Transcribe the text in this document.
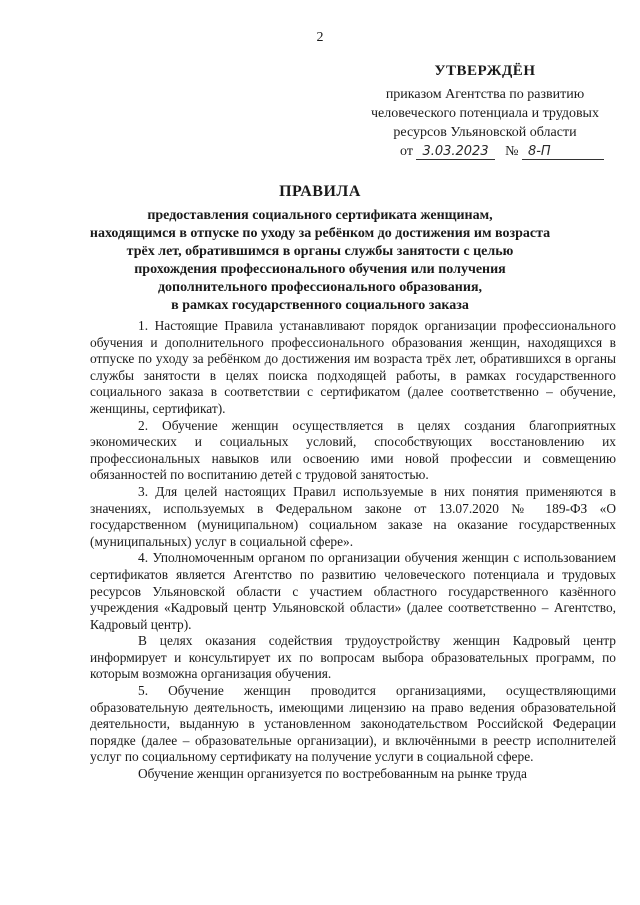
2
УТВЕРЖДЁН
приказом Агентства по развитию
человеческого потенциала и трудовых
ресурсов Ульяновской области
от 3.03.2023 № 8-П
ПРАВИЛА
предоставления социального сертификата женщинам,
находящимся в отпуске по уходу за ребёнком до достижения им возраста
трёх лет, обратившимся в органы службы занятости с целью
прохождения профессионального обучения или получения
дополнительного профессионального образования,
в рамках государственного социального заказа

1. Настоящие Правила устанавливают порядок организации профессионального обучения и дополнительного профессионального образования женщин, находящихся в отпуске по уходу за ребёнком до достижения им возраста трёх лет, обратившихся в органы службы занятости в целях поиска подходящей работы, в рамках государственного социального заказа в соответствии с сертификатом (далее соответственно – обучение, женщины, сертификат).

2. Обучение женщин осуществляется в целях создания благоприятных экономических и социальных условий, способствующих восстановлению их профессиональных навыков или освоению ими новой профессии и совмещению обязанностей по воспитанию детей с трудовой занятостью.

3. Для целей настоящих Правил используемые в них понятия применяются в значениях, используемых в Федеральном законе от 13.07.2020 № 189-ФЗ «О государственном (муниципальном) социальном заказе на оказание государственных (муниципальных) услуг в социальной сфере».

4. Уполномоченным органом по организации обучения женщин с использованием сертификатов является Агентство по развитию человеческого потенциала и трудовых ресурсов Ульяновской области с участием областного государственного казённого учреждения «Кадровый центр Ульяновской области» (далее соответственно – Агентство, Кадровый центр).

В целях оказания содействия трудоустройству женщин Кадровый центр информирует и консультирует их по вопросам выбора образовательных программ, по которым возможна организация обучения.

5. Обучение женщин проводится организациями, осуществляющими образовательную деятельность, имеющими лицензию на право ведения образовательной деятельности, выданную в установленном законодательством Российской Федерации порядке (далее – образовательные организации), и включёнными в реестр исполнителей услуг по социальному сертификату на получение услуги в социальной сфере.

Обучение женщин организуется по востребованным на рынке труда
